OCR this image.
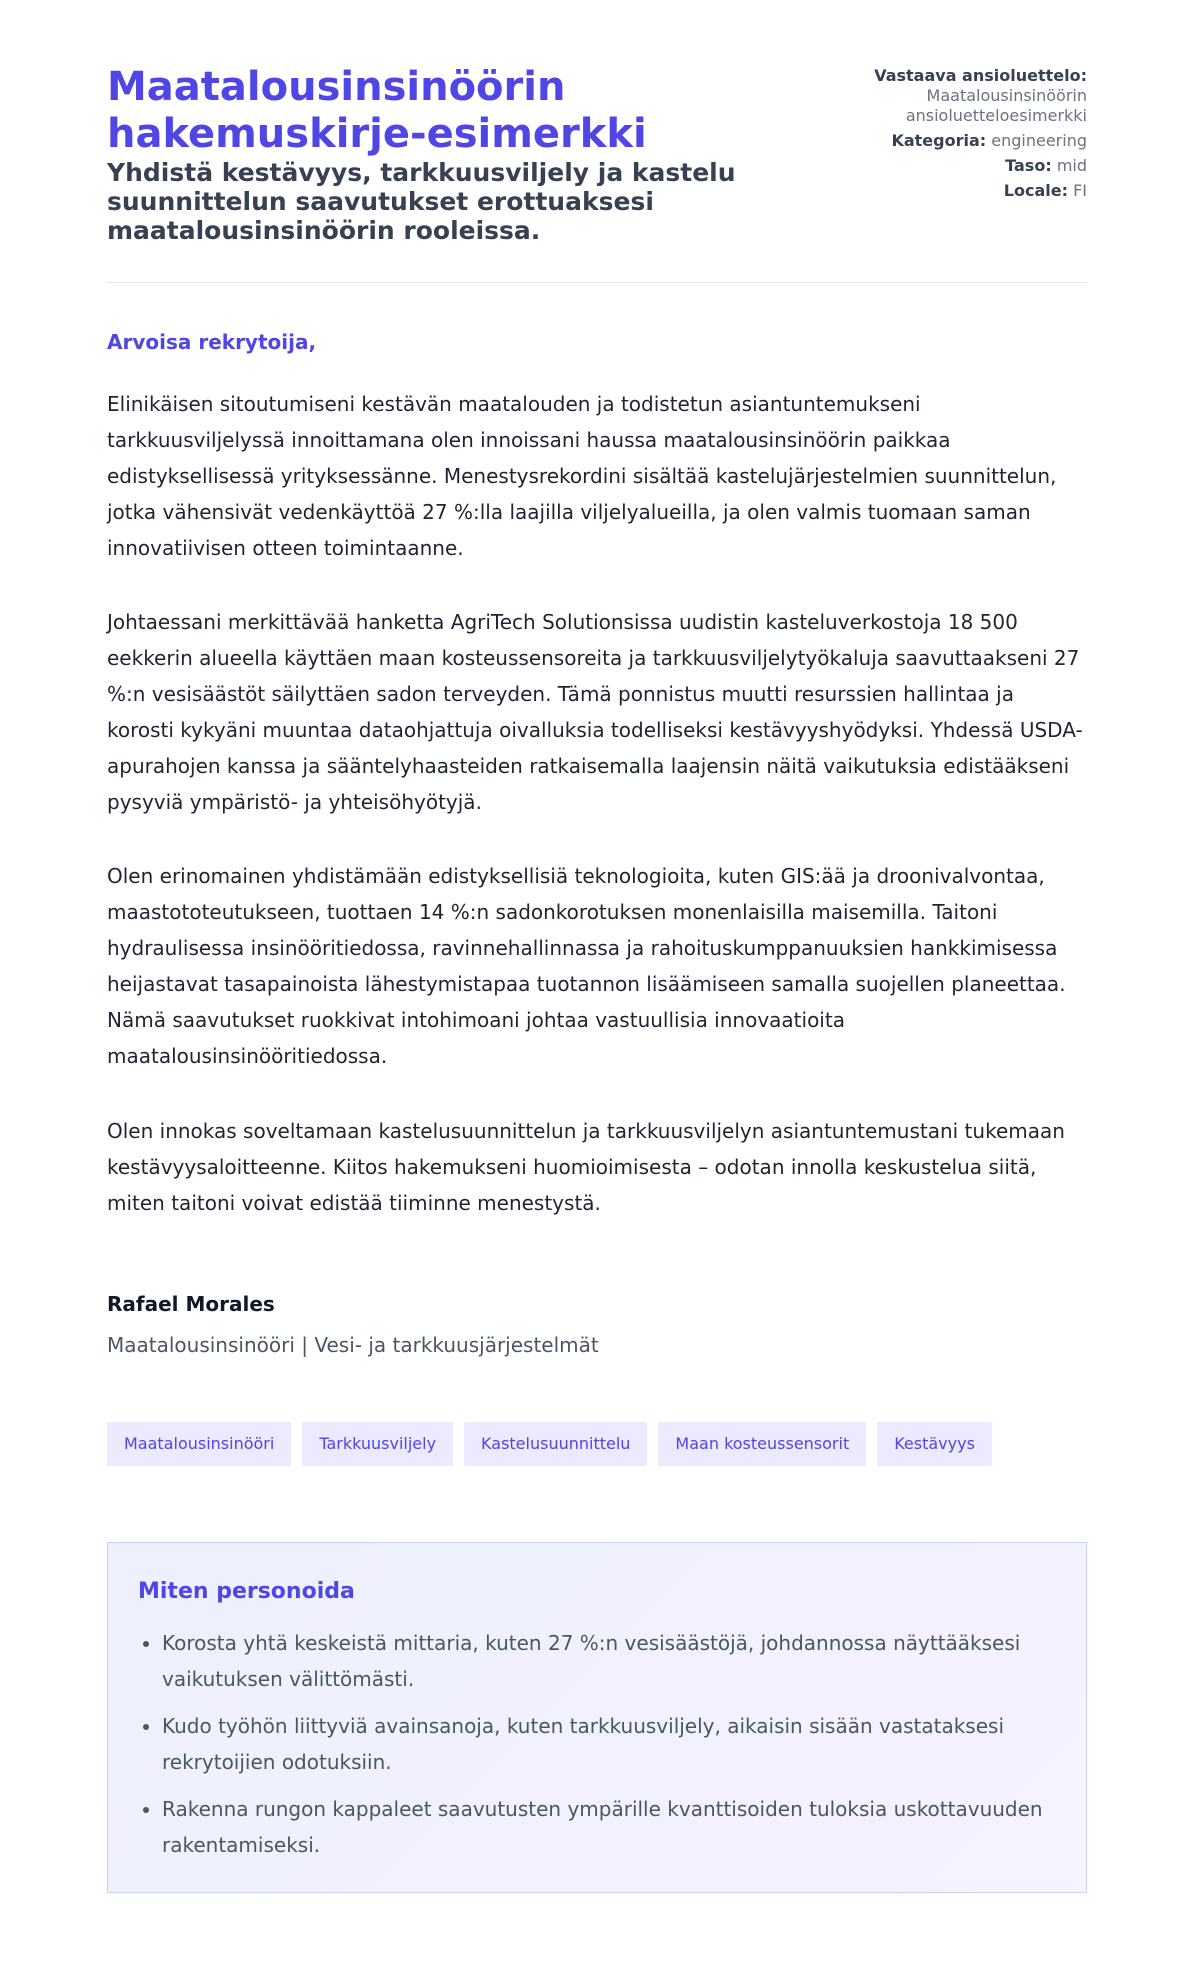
Maatalousinsinöörin hakemuskirje-esimerkki
Yhdistä kestävyys, tarkkuusviljely ja kastelu suunnittelun saavutukset erottuaksesi maatalousinsinöörin rooleissa.
Vastaava ansioluettelo:
Maatalousinsinöörin ansioluetteloesimerkki
Kategoria: engineering
Taso: mid
Locale: FI

Arvoisa rekrytoija,

Elinikäisen sitoutumiseni kestävän maatalouden ja todistetun asiantuntemukseni tarkkuusviljelyssä innoittamana olen innoissani haussa maatalousinsinöörin paikkaa edistyksellisessä yrityksessänne. Menestysrekordini sisältää kastelujärjestelmien suunnittelun, jotka vähensivät vedenkäyttöä 27 %:lla laajilla viljelyalueilla, ja olen valmis tuomaan saman innovatiivisen otteen toimintaanne.

Johtaessani merkittävää hanketta AgriTech Solutionsissa uudistin kasteluverkostoja 18 500 eekkerin alueella käyttäen maan kosteussensoreita ja tarkkuusviljelytyökaluja saavuttaakseni 27 %:n vesisäästöt säilyttäen sadon terveyden. Tämä ponnistus muutti resurssien hallintaa ja korosti kykyäni muuntaa dataohjattuja oivalluksia todelliseksi kestävyyshyödyksi. Yhdessä USDA-apurahojen kanssa ja sääntelyhaasteiden ratkaisemalla laajensin näitä vaikutuksia edistääkseni pysyviä ympäristö- ja yhteisöhyötyjä.

Olen erinomainen yhdistämään edistyksellisiä teknologioita, kuten GIS:ää ja droonivalvontaa, maastototeutukseen, tuottaen 14 %:n sadonkorotuksen monenlaisilla maisemilla. Taitoni hydraulisessa insinööritiedossa, ravinnehallinnassa ja rahoituskumppanuuksien hankkimisessa heijastavat tasapainoista lähestymistapaa tuotannon lisäämiseen samalla suojellen planeettaa. Nämä saavutukset ruokkivat intohimoani johtaa vastuullisia innovaatioita maatalousinsinööritiedossa.

Olen innokas soveltamaan kastelusuunnittelun ja tarkkuusviljelyn asiantuntemustani tukemaan kestävyysaloitteenne. Kiitos hakemukseni huomioimisesta – odotan innolla keskustelua siitä, miten taitoni voivat edistää tiiminne menestystä.

Rafael Morales

Maatalousinsinööri | Vesi- ja tarkkuusjärjestelmät

Maatalousinsinööri	Tarkkuusviljely	Kastelusuunnittelu	Maan kosteussensorit	Kestävyys
Miten personoida
• Korosta yhtä keskeistä mittaria, kuten 27 %:n vesisäästöjä, johdannossa näyttääksesi vaikutuksen välittömästi.
• Kudo työhön liittyviä avainsanoja, kuten tarkkuusviljely, aikaisin sisään vastataksesi rekrytoijien odotuksiin.
• Rakenna rungon kappaleet saavutusten ympärille kvanttisoiden tuloksia uskottavuuden rakentamiseksi.
